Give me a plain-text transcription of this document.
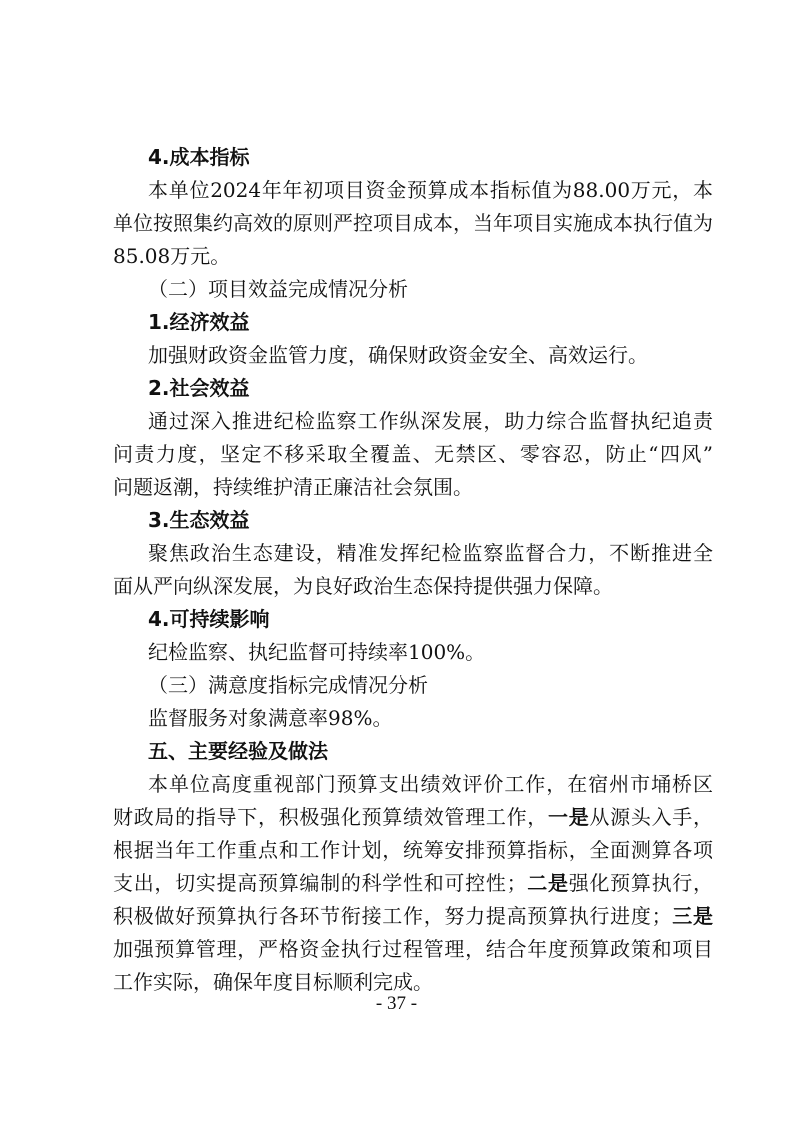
4.成本指标
本单位2024年年初项目资金预算成本指标值为88.00万元，本
单位按照集约高效的原则严控项目成本，当年项目实施成本执行值为
85.08万元。
（二）项目效益完成情况分析
1.经济效益
加强财政资金监管力度，确保财政资金安全、高效运行。
2.社会效益
通过深入推进纪检监察工作纵深发展，助力综合监督执纪追责
问责力度，坚定不移采取全覆盖、无禁区、零容忍，防止“四风”
问题返潮，持续维护清正廉洁社会氛围。
3.生态效益
聚焦政治生态建设，精准发挥纪检监察监督合力，不断推进全
面从严向纵深发展，为良好政治生态保持提供强力保障。
4.可持续影响
纪检监察、执纪监督可持续率100%。
（三）满意度指标完成情况分析
监督服务对象满意率98%。
五、主要经验及做法
本单位高度重视部门预算支出绩效评价工作，在宿州市埇桥区
财政局的指导下，积极强化预算绩效管理工作，一是从源头入手，
根据当年工作重点和工作计划，统筹安排预算指标，全面测算各项
支出，切实提高预算编制的科学性和可控性；二是强化预算执行，
积极做好预算执行各环节衔接工作，努力提高预算执行进度；三是
加强预算管理，严格资金执行过程管理，结合年度预算政策和项目
工作实际，确保年度目标顺利完成。
- 37 -
